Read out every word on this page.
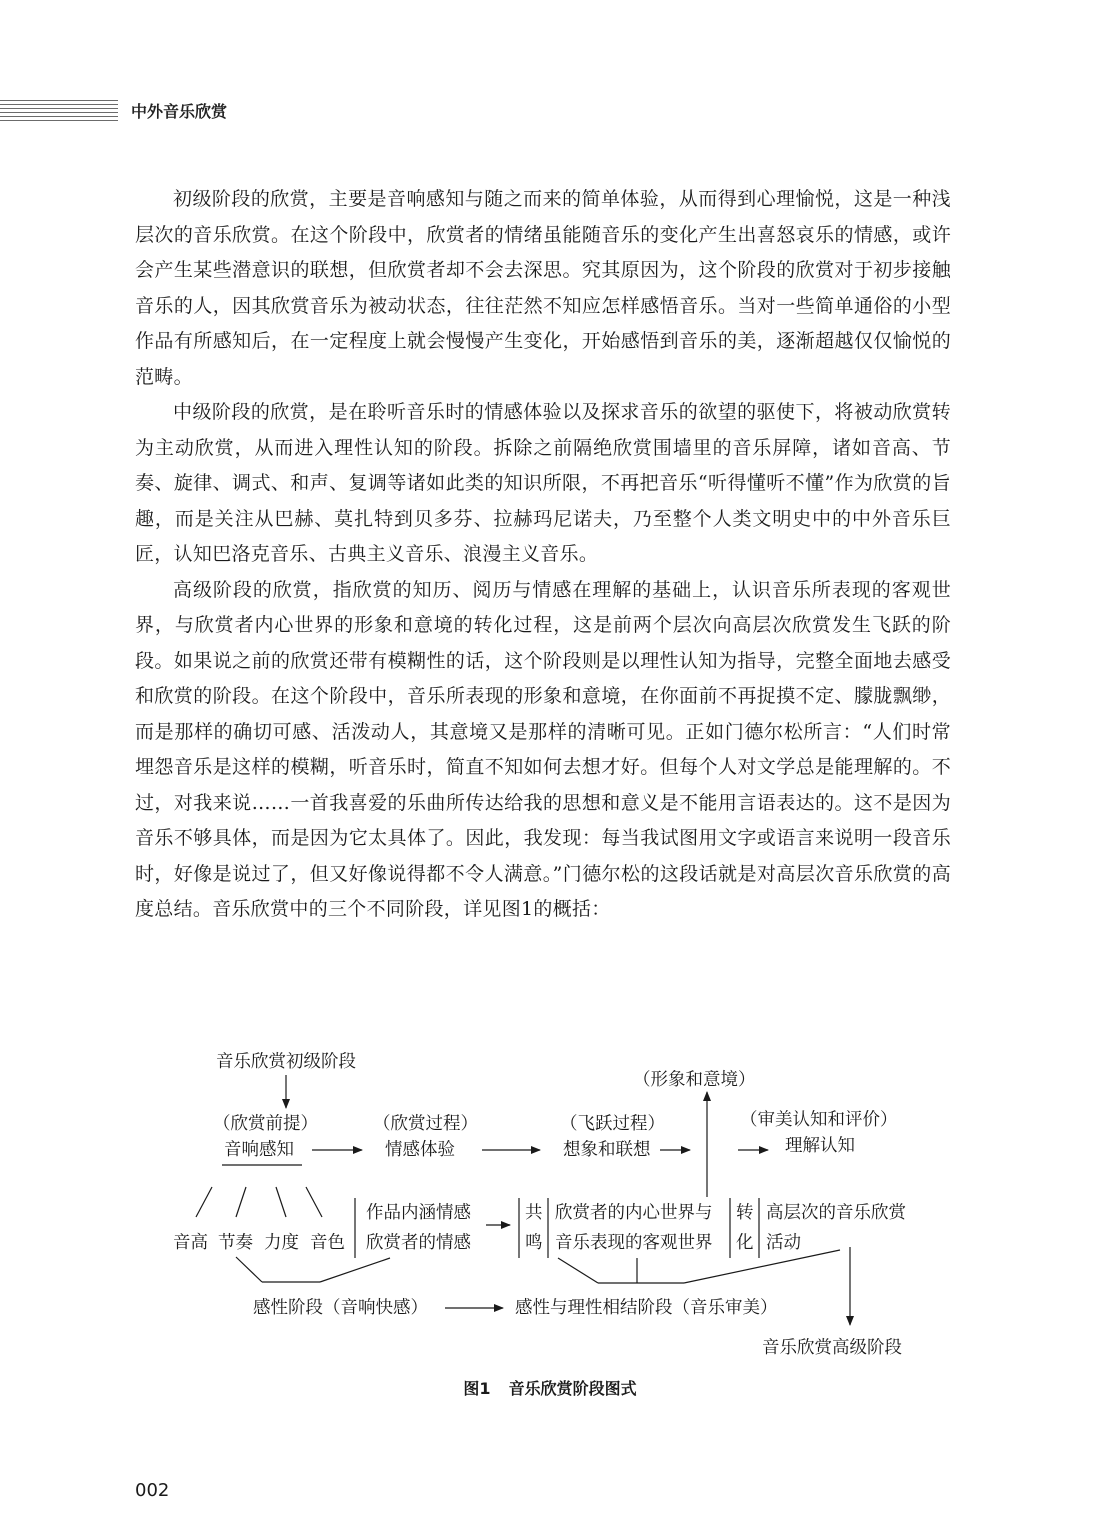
中外音乐欣赏

初级阶段的欣赏，主要是音响感知与随之而来的简单体验，从而得到心理愉悦，这是一种浅层次的音乐欣赏。在这个阶段中，欣赏者的情绪虽能随音乐的变化产生出喜怒哀乐的情感，或许会产生某些潜意识的联想，但欣赏者却不会去深思。究其原因为，这个阶段的欣赏对于初步接触音乐的人，因其欣赏音乐为被动状态，往往茫然不知应怎样感悟音乐。当对一些简单通俗的小型作品有所感知后，在一定程度上就会慢慢产生变化，开始感悟到音乐的美，逐渐超越仅仅愉悦的范畴。

中级阶段的欣赏，是在聆听音乐时的情感体验以及探求音乐的欲望的驱使下，将被动欣赏转为主动欣赏，从而进入理性认知的阶段。拆除之前隔绝欣赏围墙里的音乐屏障，诸如音高、节奏、旋律、调式、和声、复调等诸如此类的知识所限，不再把音乐“听得懂听不懂”作为欣赏的旨趣，而是关注从巴赫、莫扎特到贝多芬、拉赫玛尼诺夫，乃至整个人类文明史中的中外音乐巨匠，认知巴洛克音乐、古典主义音乐、浪漫主义音乐。

高级阶段的欣赏，指欣赏的知历、阅历与情感在理解的基础上，认识音乐所表现的客观世界，与欣赏者内心世界的形象和意境的转化过程，这是前两个层次向高层次欣赏发生飞跃的阶段。如果说之前的欣赏还带有模糊性的话，这个阶段则是以理性认知为指导，完整全面地去感受和欣赏的阶段。在这个阶段中，音乐所表现的形象和意境，在你面前不再捉摸不定、朦胧飘缈，而是那样的确切可感、活泼动人，其意境又是那样的清晰可见。正如门德尔松所言：“人们时常埋怨音乐是这样的模糊，听音乐时，简直不知如何去想才好。但每个人对文学总是能理解的。不过，对我来说……一首我喜爱的乐曲所传达给我的思想和意义是不能用言语表达的。这不是因为音乐不够具体，而是因为它太具体了。因此，我发现：每当我试图用文字或语言来说明一段音乐时，好像是说过了，但又好像说得都不令人满意。”门德尔松的这段话就是对高层次音乐欣赏的高度总结。音乐欣赏中的三个不同阶段，详见图1的概括：

音乐欣赏初级阶段
（形象和意境）
（欣赏前提）	（欣赏过程）	（飞跃过程）	（审美认知和评价）
音响感知	情感体验	想象和联想	理解认知
音高 节奏 力度 音色
作品内涵情感
欣赏者的情感
共
鸣
欣赏者的内心世界与
音乐表现的客观世界
转
化
高层次的音乐欣赏
活动
感性阶段（音响快感）	感性与理性相结阶段（音乐审美）
音乐欣赏高级阶段
图1 音乐欣赏阶段图式
002
